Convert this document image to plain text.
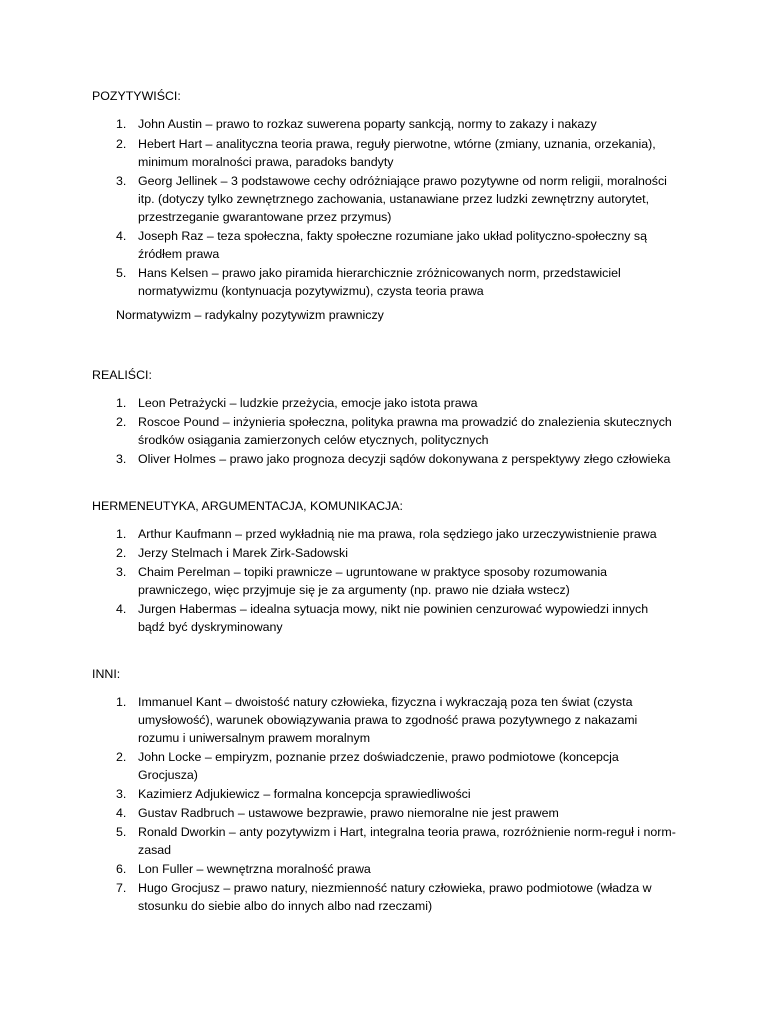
POZYTYWIŚCI:

1. John Austin – prawo to rozkaz suwerena poparty sankcją, normy to zakazy i nakazy
2. Hebert Hart – analityczna teoria prawa, reguły pierwotne, wtórne (zmiany, uznania, orzekania), minimum moralności prawa, paradoks bandyty
3. Georg Jellinek – 3 podstawowe cechy odróżniające prawo pozytywne od norm religii, moralności itp. (dotyczy tylko zewnętrznego zachowania, ustanawiane przez ludzki zewnętrzny autorytet, przestrzeganie gwarantowane przez przymus)
4. Joseph Raz – teza społeczna, fakty społeczne rozumiane jako układ polityczno-społeczny są źródłem prawa
5. Hans Kelsen – prawo jako piramida hierarchicznie zróżnicowanych norm, przedstawiciel normatywizmu (kontynuacja pozytywizmu), czysta teoria prawa

Normatywizm – radykalny pozytywizm prawniczy

REALIŚCI:

1. Leon Petrażycki – ludzkie przeżycia, emocje jako istota prawa
2. Roscoe Pound – inżynieria społeczna, polityka prawna ma prowadzić do znalezienia skutecznych środków osiągania zamierzonych celów etycznych, politycznych
3. Oliver Holmes – prawo jako prognoza decyzji sądów dokonywana z perspektywy złego człowieka

HERMENEUTYKA, ARGUMENTACJA, KOMUNIKACJA:

1. Arthur Kaufmann – przed wykładnią nie ma prawa, rola sędziego jako urzeczywistnienie prawa
2. Jerzy Stelmach i Marek Zirk-Sadowski
3. Chaim Perelman – topiki prawnicze – ugruntowane w praktyce sposoby rozumowania prawniczego, więc przyjmuje się je za argumenty (np. prawo nie działa wstecz)
4. Jurgen Habermas – idealna sytuacja mowy, nikt nie powinien cenzurować wypowiedzi innych bądź być dyskryminowany

INNI:

1. Immanuel Kant – dwoistość natury człowieka, fizyczna i wykraczają poza ten świat (czysta umysłowość), warunek obowiązywania prawa to zgodność prawa pozytywnego z nakazami rozumu i uniwersalnym prawem moralnym
2. John Locke – empiryzm, poznanie przez doświadczenie, prawo podmiotowe (koncepcja Grocjusza)
3. Kazimierz Adjukiewicz – formalna koncepcja sprawiedliwości
4. Gustav Radbruch – ustawowe bezprawie, prawo niemoralne nie jest prawem
5. Ronald Dworkin – anty pozytywizm i Hart, integralna teoria prawa, rozróżnienie norm-reguł i norm-zasad
6. Lon Fuller – wewnętrzna moralność prawa
7. Hugo Grocjusz – prawo natury, niezmienność natury człowieka, prawo podmiotowe (władza w stosunku do siebie albo do innych albo nad rzeczami)
